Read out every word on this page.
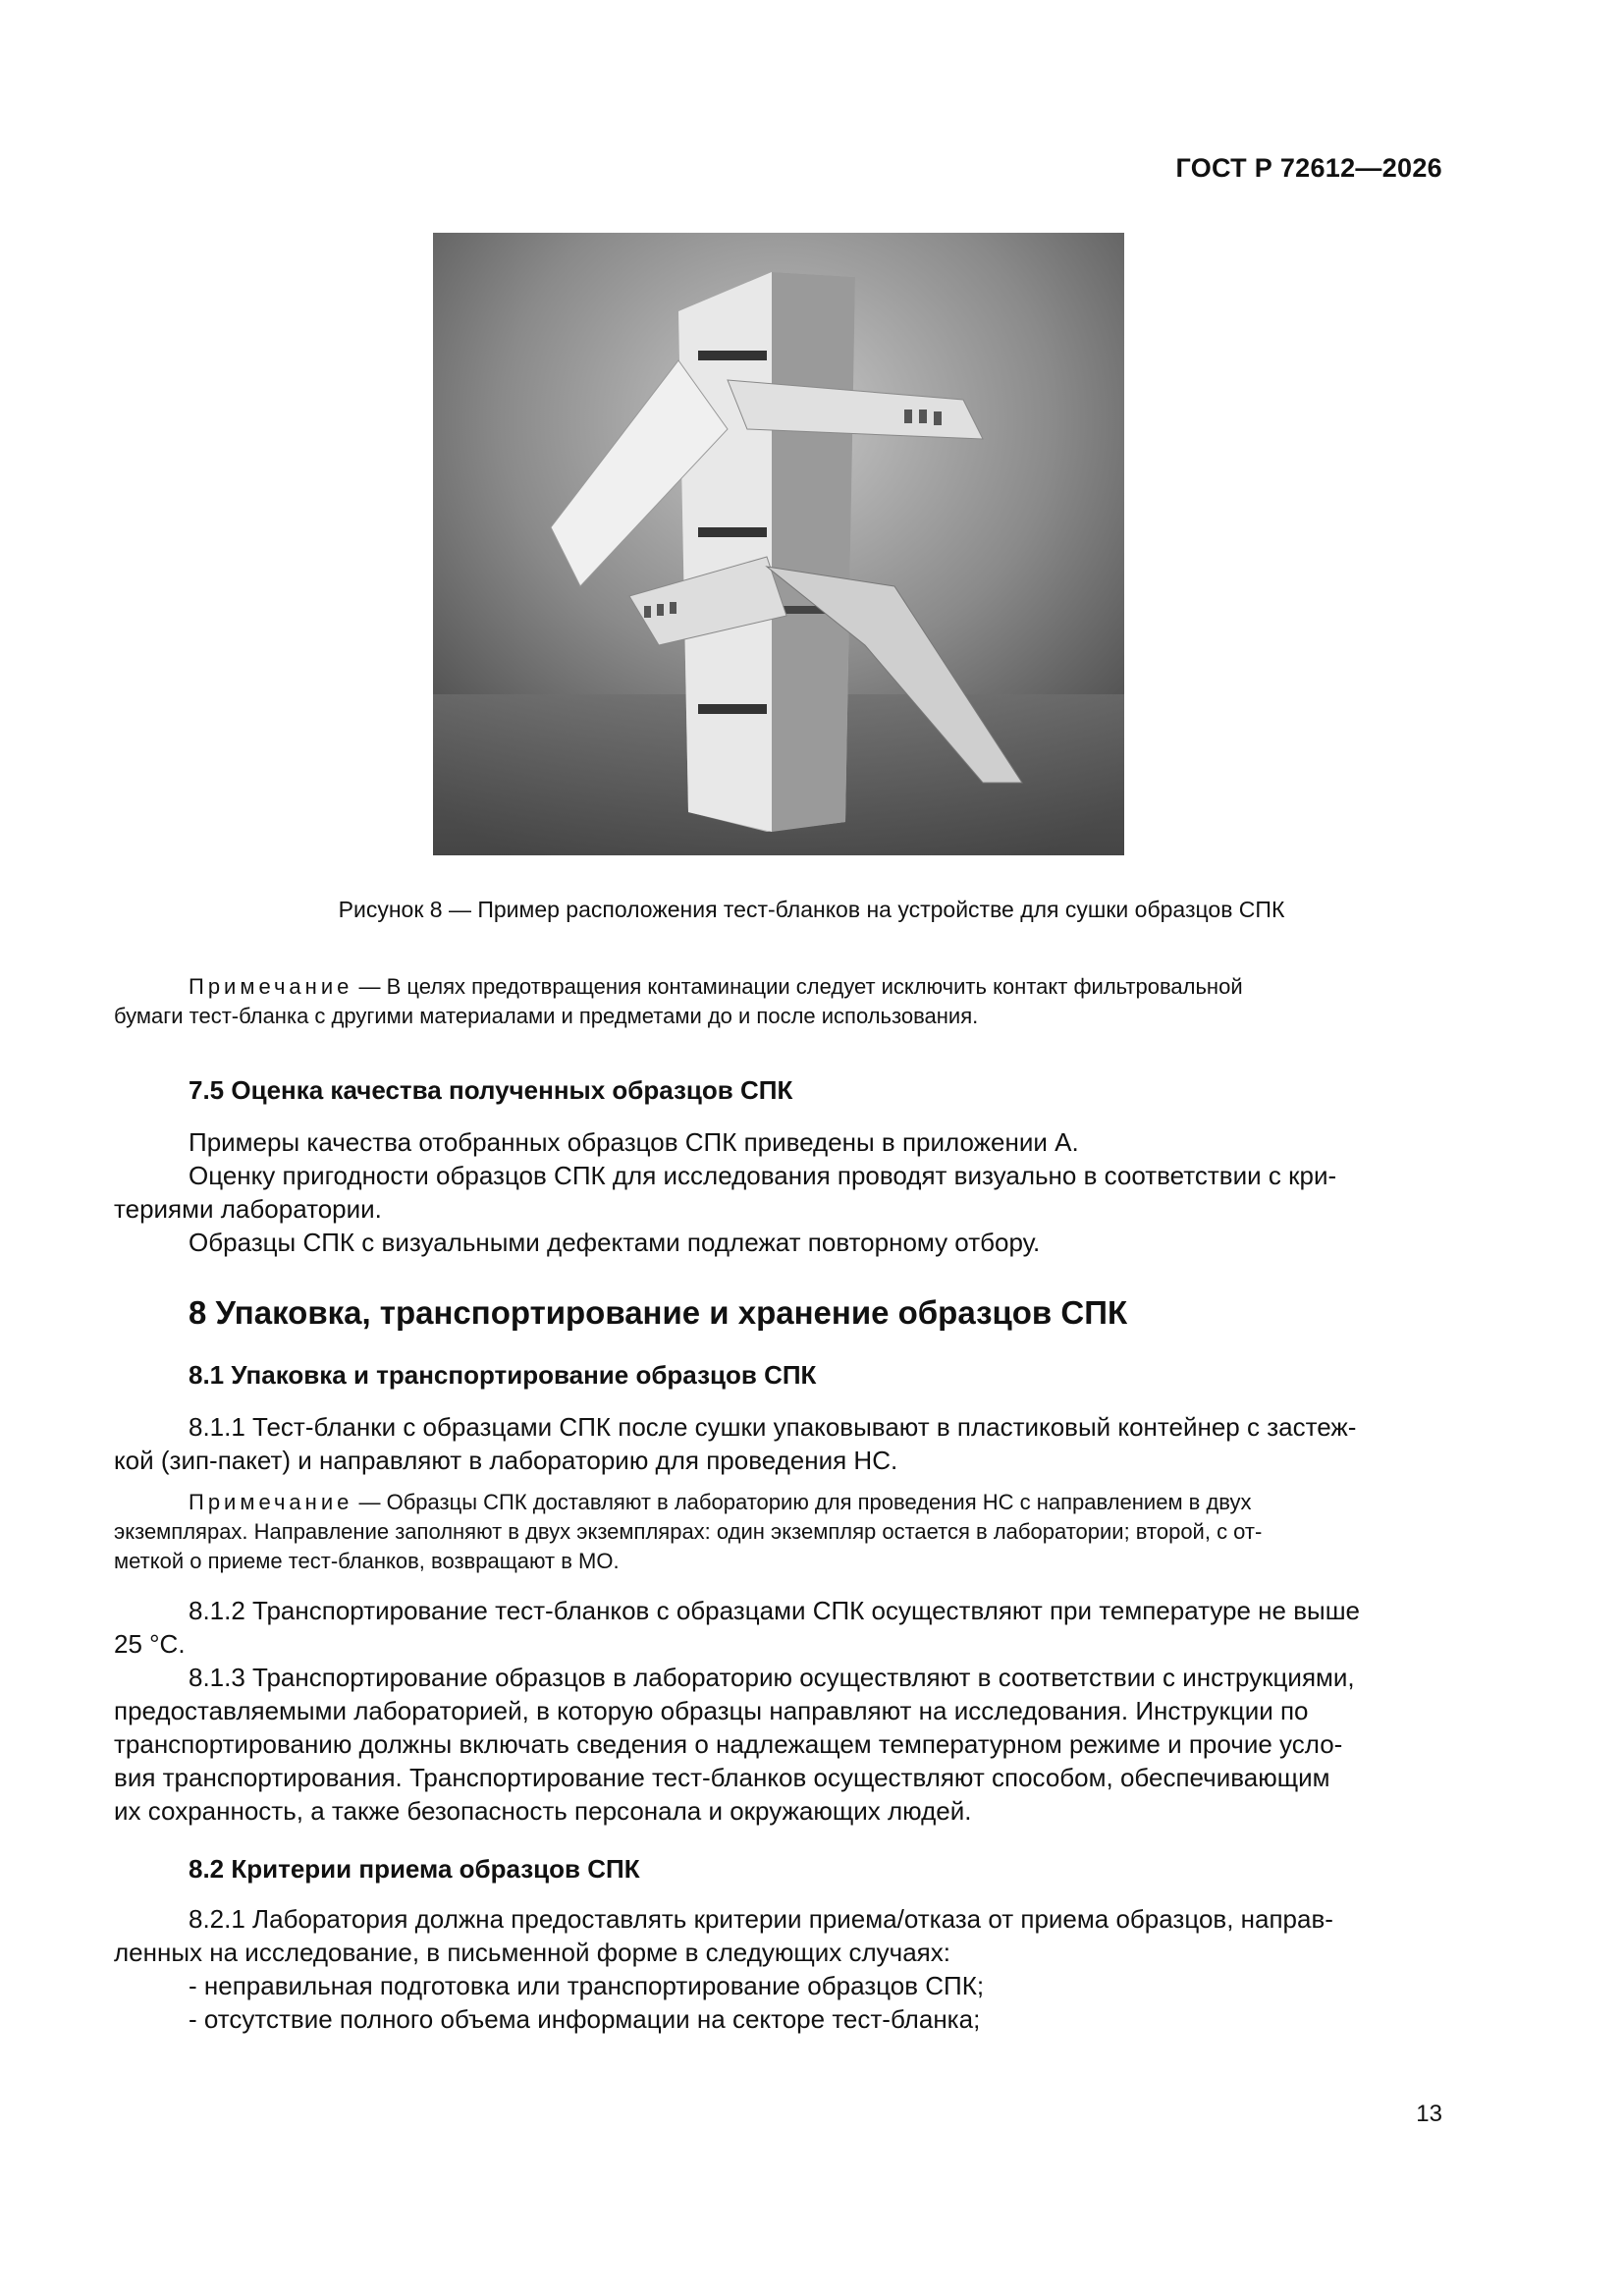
ГОСТ Р 72612—2026
Рисунок 8 — Пример расположения тест-бланков на устройстве для сушки образцов СПК
Примечание — В целях предотвращения контаминации следует исключить контакт фильтровальной
бумаги тест-бланка с другими материалами и предметами до и после использования.
7.5 Оценка качества полученных образцов СПК
Примеры качества отобранных образцов СПК приведены в приложении А.
Оценку пригодности образцов СПК для исследования проводят визуально в соответствии с кри-
териями лаборатории.
Образцы СПК с визуальными дефектами подлежат повторному отбору.
8 Упаковка, транспортирование и хранение образцов СПК
8.1 Упаковка и транспортирование образцов СПК
8.1.1 Тест-бланки с образцами СПК после сушки упаковывают в пластиковый контейнер с застеж-
кой (зип-пакет) и направляют в лабораторию для проведения НС.
Примечание — Образцы СПК доставляют в лабораторию для проведения НС с направлением в двух
экземплярах. Направление заполняют в двух экземплярах: один экземпляр остается в лаборатории; второй, с от-
меткой о приеме тест-бланков, возвращают в МО.
8.1.2 Транспортирование тест-бланков с образцами СПК осуществляют при температуре не выше
25 °С.
8.1.3 Транспортирование образцов в лабораторию осуществляют в соответствии с инструкциями,
предоставляемыми лабораторией, в которую образцы направляют на исследования. Инструкции по
транспортированию должны включать сведения о надлежащем температурном режиме и прочие усло-
вия транспортирования. Транспортирование тест-бланков осуществляют способом, обеспечивающим
их сохранность, а также безопасность персонала и окружающих людей.
8.2 Критерии приема образцов СПК
8.2.1 Лаборатория должна предоставлять критерии приема/отказа от приема образцов, направ-
ленных на исследование, в письменной форме в следующих случаях:
- неправильная подготовка или транспортирование образцов СПК;
- отсутствие полного объема информации на секторе тест-бланка;
13
